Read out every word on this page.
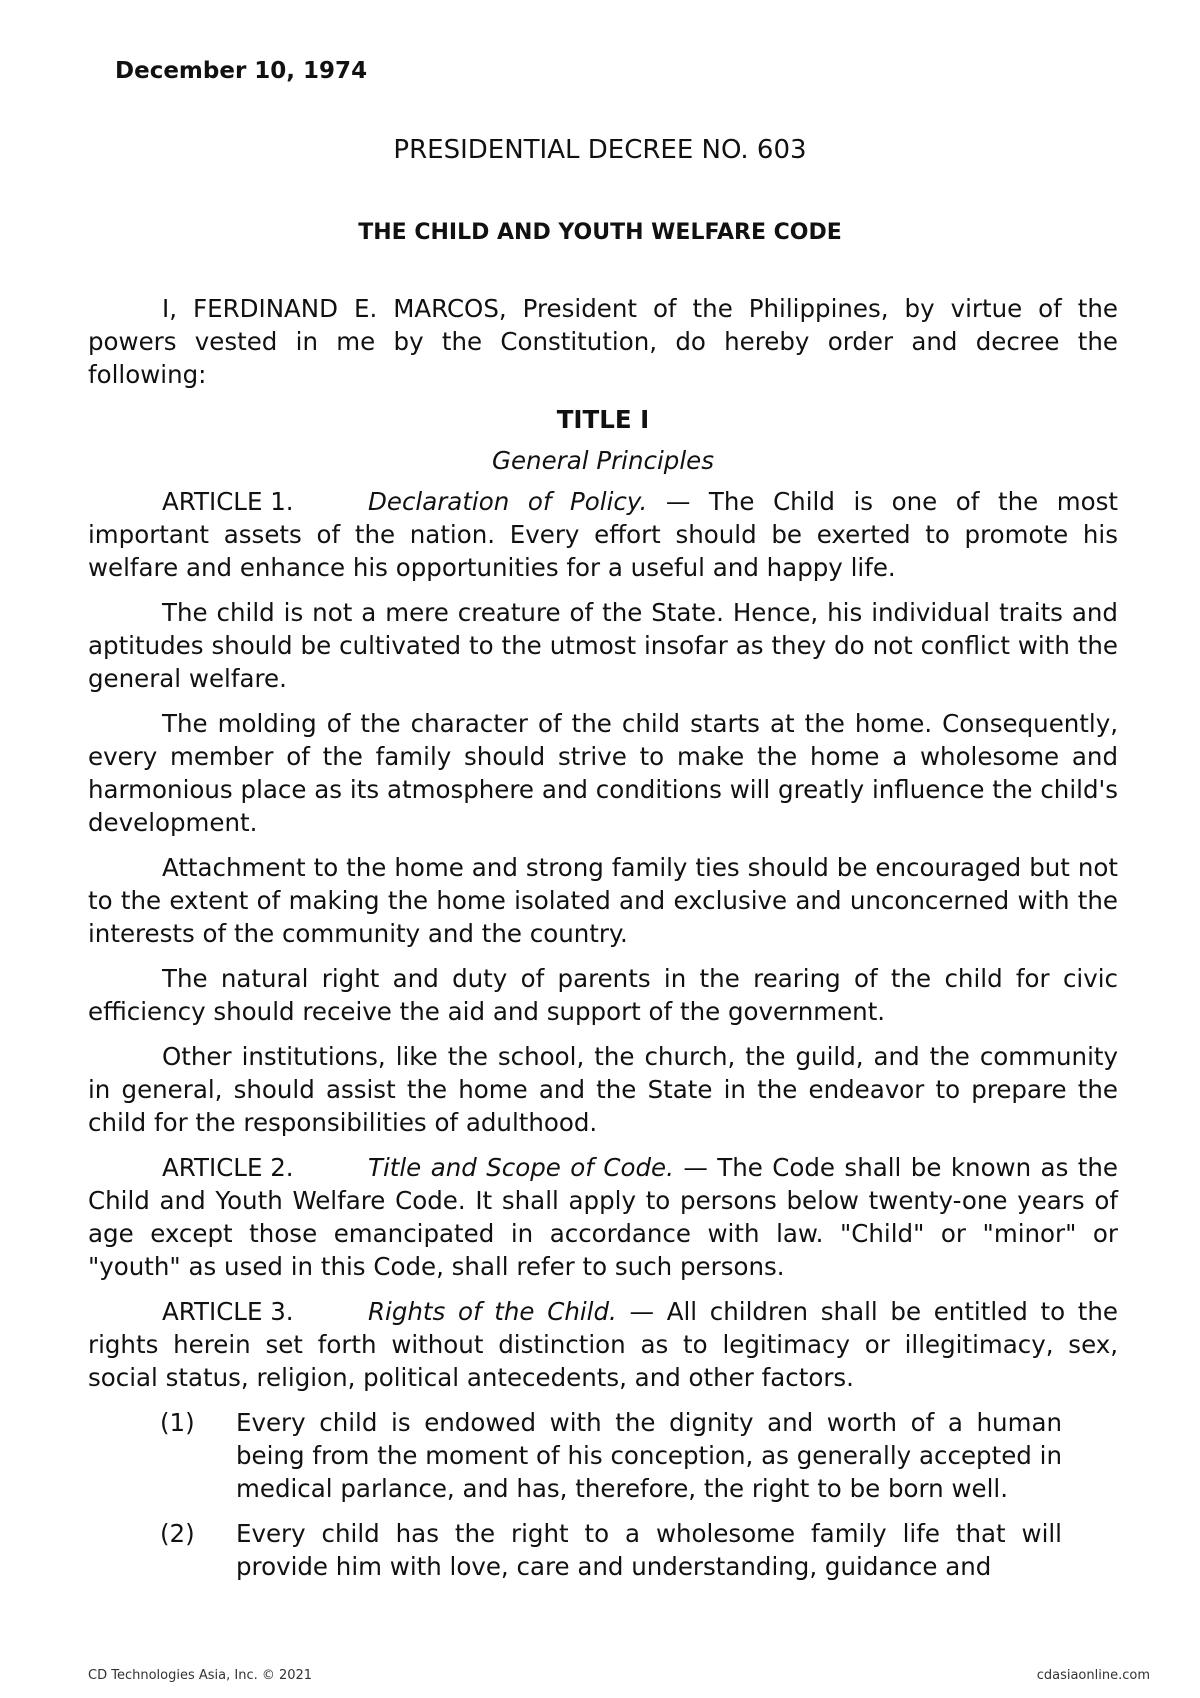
December 10, 1974
PRESIDENTIAL DECREE NO. 603
THE CHILD AND YOUTH WELFARE CODE

I, FERDINAND E. MARCOS, President of the Philippines, by virtue of the powers vested in me by the Constitution, do hereby order and decree the following:

TITLE I
General Principles

ARTICLE 1.	Declaration of Policy. — The Child is one of the most important assets of the nation. Every effort should be exerted to promote his welfare and enhance his opportunities for a useful and happy life.

The child is not a mere creature of the State. Hence, his individual traits and aptitudes should be cultivated to the utmost insofar as they do not conflict with the general welfare.

The molding of the character of the child starts at the home. Consequently, every member of the family should strive to make the home a wholesome and harmonious place as its atmosphere and conditions will greatly influence the child's development.

Attachment to the home and strong family ties should be encouraged but not to the extent of making the home isolated and exclusive and unconcerned with the interests of the community and the country.

The natural right and duty of parents in the rearing of the child for civic efficiency should receive the aid and support of the government.

Other institutions, like the school, the church, the guild, and the community in general, should assist the home and the State in the endeavor to prepare the child for the responsibilities of adulthood.

ARTICLE 2.	Title and Scope of Code. — The Code shall be known as the Child and Youth Welfare Code. It shall apply to persons below twenty-one years of age except those emancipated in accordance with law. "Child" or "minor" or "youth" as used in this Code, shall refer to such persons.

ARTICLE 3.	Rights of the Child. — All children shall be entitled to the rights herein set forth without distinction as to legitimacy or illegitimacy, sex, social status, religion, political antecedents, and other factors.

(1) Every child is endowed with the dignity and worth of a human being from the moment of his conception, as generally accepted in medical parlance, and has, therefore, the right to be born well.

(2) Every child has the right to a wholesome family life that will provide him with love, care and understanding, guidance and

CD Technologies Asia, Inc. © 2021	cdasiaonline.com
